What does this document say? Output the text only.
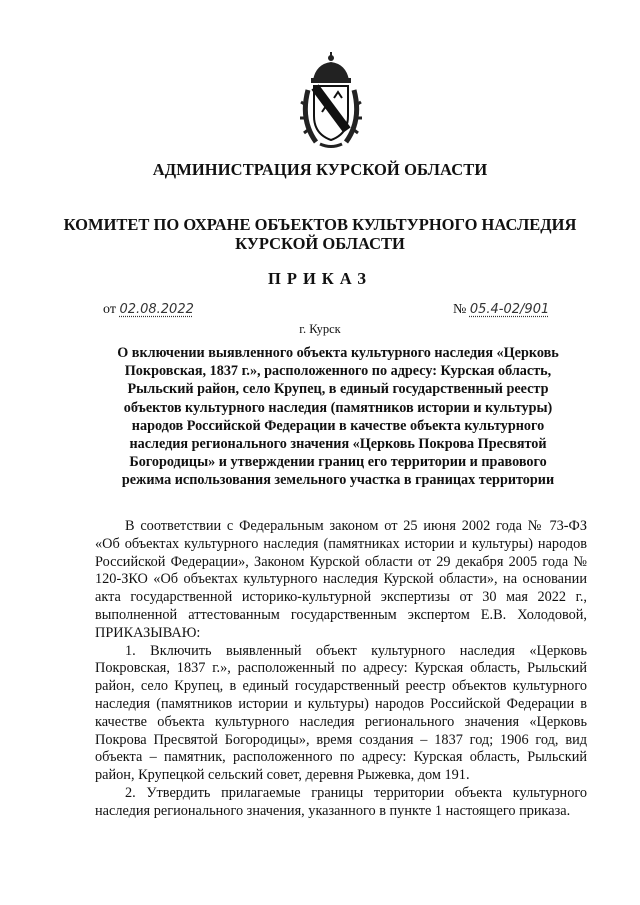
АДМИНИСТРАЦИЯ КУРСКОЙ ОБЛАСТИ
КОМИТЕТ ПО ОХРАНЕ ОБЪЕКТОВ КУЛЬТУРНОГО НАСЛЕДИЯ
КУРСКОЙ ОБЛАСТИ
ПРИКАЗ
от 02.08.2022	№ 05.4-02/901
г. Курск
О включении выявленного объекта культурного наследия «Церковь Покровская, 1837 г.», расположенного по адресу: Курская область, Рыльский район, село Крупец, в единый государственный реестр объектов культурного наследия (памятников истории и культуры) народов Российской Федерации в качестве объекта культурного наследия регионального значения «Церковь Покрова Пресвятой Богородицы» и утверждении границ его территории и правового режима использования земельного участка в границах территории

В соответствии с Федеральным законом от 25 июня 2002 года № 73-ФЗ «Об объектах культурного наследия (памятниках истории и культуры) народов Российской Федерации», Законом Курской области от 29 декабря 2005 года № 120-ЗКО «Об объектах культурного наследия Курской области», на основании акта государственной историко-культурной экспертизы от 30 мая 2022 г., выполненной аттестованным государственным экспертом Е.В. Холодовой, ПРИКАЗЫВАЮ:

1. Включить выявленный объект культурного наследия «Церковь Покровская, 1837 г.», расположенный по адресу: Курская область, Рыльский район, село Крупец, в единый государственный реестр объектов культурного наследия (памятников истории и культуры) народов Российской Федерации в качестве объекта культурного наследия регионального значения «Церковь Покрова Пресвятой Богородицы», время создания – 1837 год; 1906 год, вид объекта – памятник, расположенного по адресу: Курская область, Рыльский район, Крупецкой сельский совет, деревня Рыжевка, дом 191.

2. Утвердить прилагаемые границы территории объекта культурного наследия регионального значения, указанного в пункте 1 настоящего приказа.
